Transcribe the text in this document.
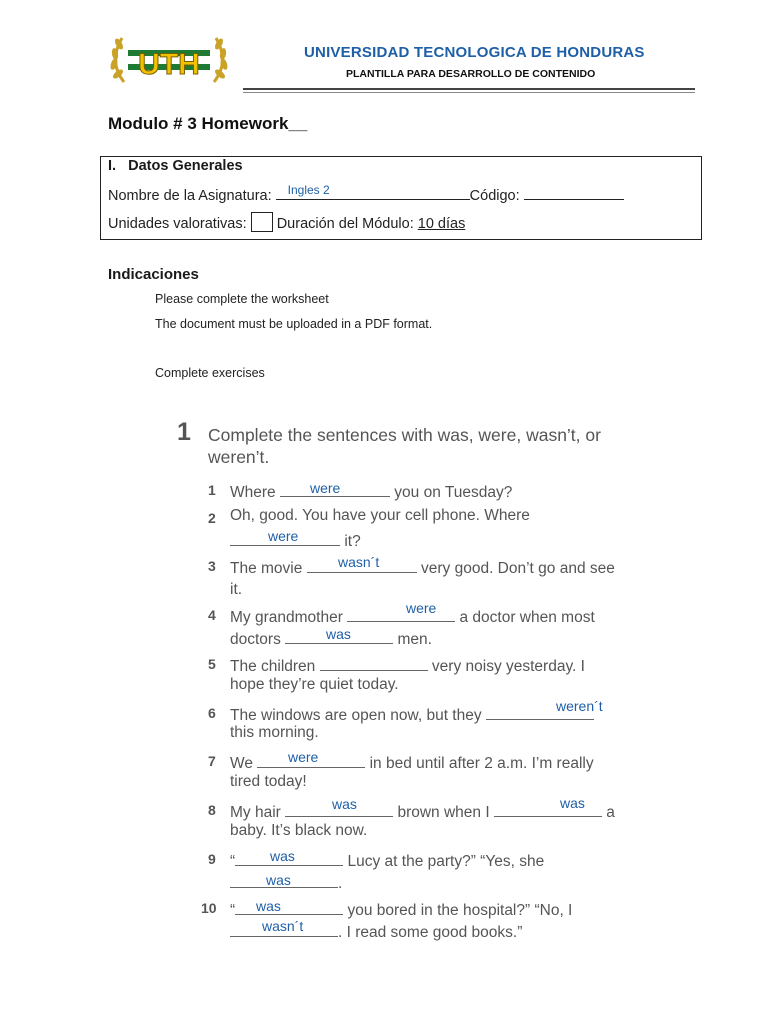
UTH	UNIVERSIDAD TECNOLOGICA DE HONDURAS
PLANTILLA PARA DESARROLLO DE CONTENIDO
Modulo # 3 Homework__
I.   Datos Generales
Nombre de la Asignatura: Ingles 2	Código:
Unidades valorativas: Duración del Módulo: 10 días
Indicaciones
Please complete the worksheet
The document must be uploaded in a PDF format.
Complete exercises
1 Complete the sentences with was, were, wasn’t, or
weren’t.
1 Where	you on Tuesday?
were
2 Oh, good. You have your cell phone. Where
it?
were
3 The movie	very good. Don’t go and see
wasn´t
it.
4 My grandmother	a doctor when most
were
doctors	men.
was
5 The children	very noisy yesterday. I
hope they’re quiet today.
6 The windows are open now, but they
weren´t
this morning.
7 We	in bed until after 2 a.m. I’m really
were
tired today!
8 My hair	brown when I	a
was	was
baby. It’s black now.
9 “	Lucy at the party?” “Yes, she
was
.
was
10 “	you bored in the hospital?” “No, I
was
. I read some good books.”
wasn´t
